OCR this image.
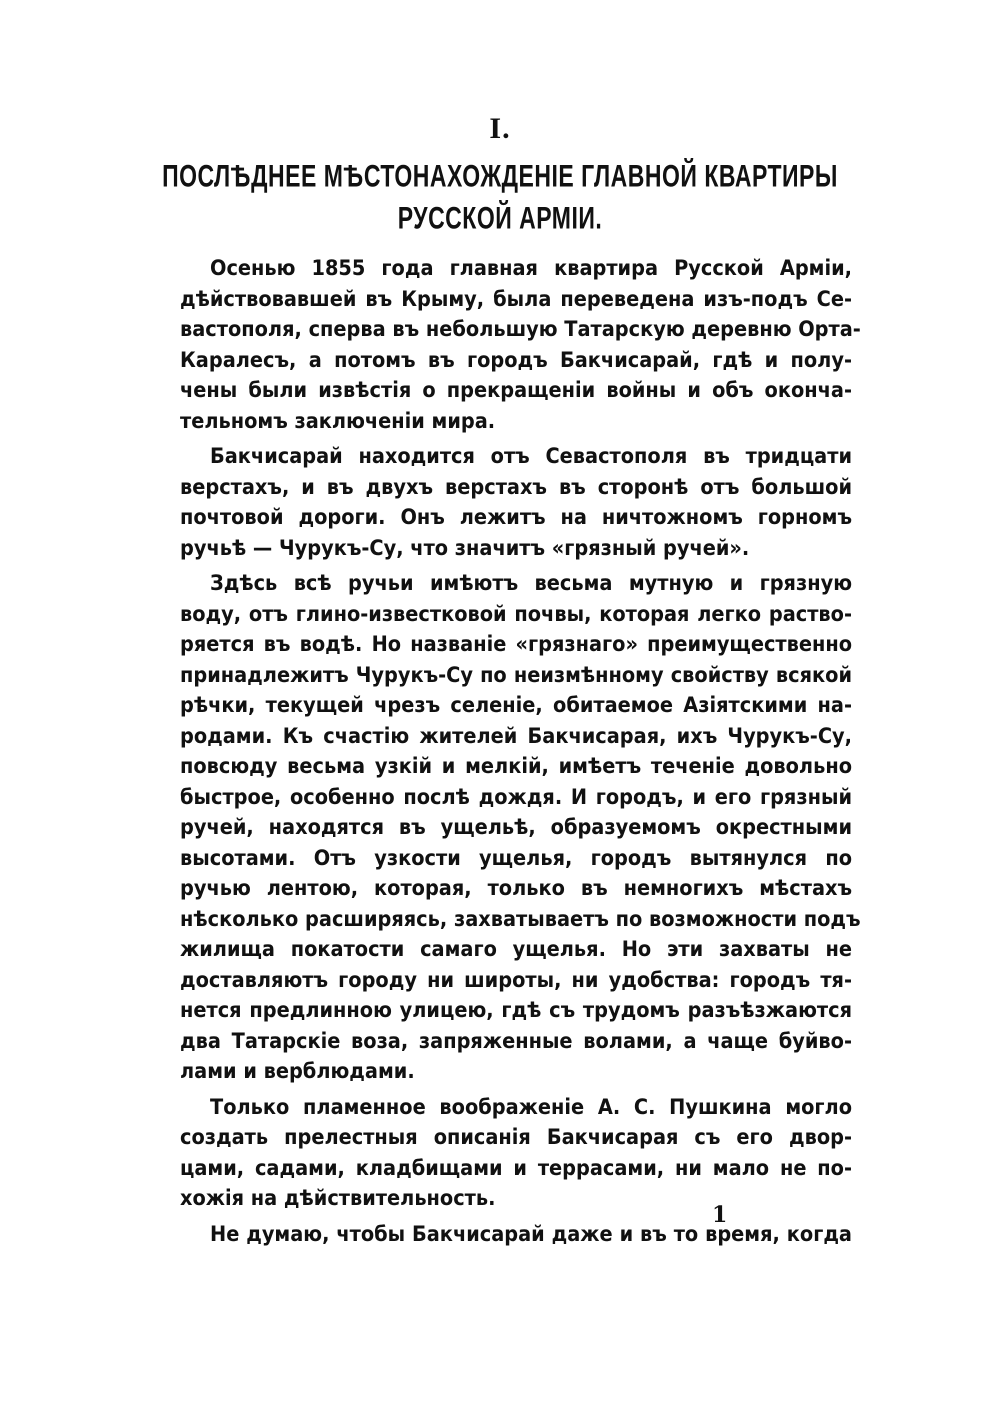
I.
ПОСЛѢДНЕЕ МѢСТОНАХОЖДЕНІЕ ГЛАВНОЙ КВАРТИРЫ
РУССКОЙ АРМІИ.
Осенью 1855 года главная квартира Русской Арміи,
дѣйствовавшей въ Крыму, была переведена изъ-подъ Се-
вастополя, сперва въ небольшую Татарскую деревню Орта-
Каралесъ, а потомъ въ городъ Бакчисарай, гдѣ и полу-
чены были извѣстія о прекращеніи войны и объ оконча-
тельномъ заключеніи мира.
Бакчисарай находится отъ Севастополя въ тридцати
верстахъ, и въ двухъ верстахъ въ сторонѣ отъ большой
почтовой дороги. Онъ лежитъ на ничтожномъ горномъ
ручьѣ — Чурукъ-Су, что значитъ «грязный ручей».
Здѣсь всѣ ручьи имѣютъ весьма мутную и грязную
воду, отъ глино-известковой почвы, которая легко раство-
ряется въ водѣ. Но названіе «грязнаго» преимущественно
принадлежитъ Чурукъ-Су по неизмѣнному свойству всякой
рѣчки, текущей чрезъ селеніе, обитаемое Азіятскими на-
родами. Къ счастію жителей Бакчисарая, ихъ Чурукъ-Су,
повсюду весьма узкій и мелкій, имѣетъ теченіе довольно
быстрое, особенно послѣ дождя. И городъ, и его грязный
ручей, находятся въ ущельѣ, образуемомъ окрестными
высотами. Отъ узкости ущелья, городъ вытянулся по
ручью лентою, которая, только въ немногихъ мѣстахъ
нѣсколько расширяясь, захватываетъ по возможности подъ
жилища покатости самаго ущелья. Но эти захваты не
доставляютъ городу ни широты, ни удобства: городъ тя-
нется предлинною улицею, гдѣ съ трудомъ разъѣзжаются
два Татарскіе воза, запряженные волами, а чаще буйво-
лами и верблюдами.
Только пламенное воображеніе А. С. Пушкина могло
создать прелестныя описанія Бакчисарая съ его двор-
цами, садами, кладбищами и террасами, ни мало не по-
хожія на дѣйствительность.
Не думаю, чтобы Бакчисарай даже и въ то время, когда
1
